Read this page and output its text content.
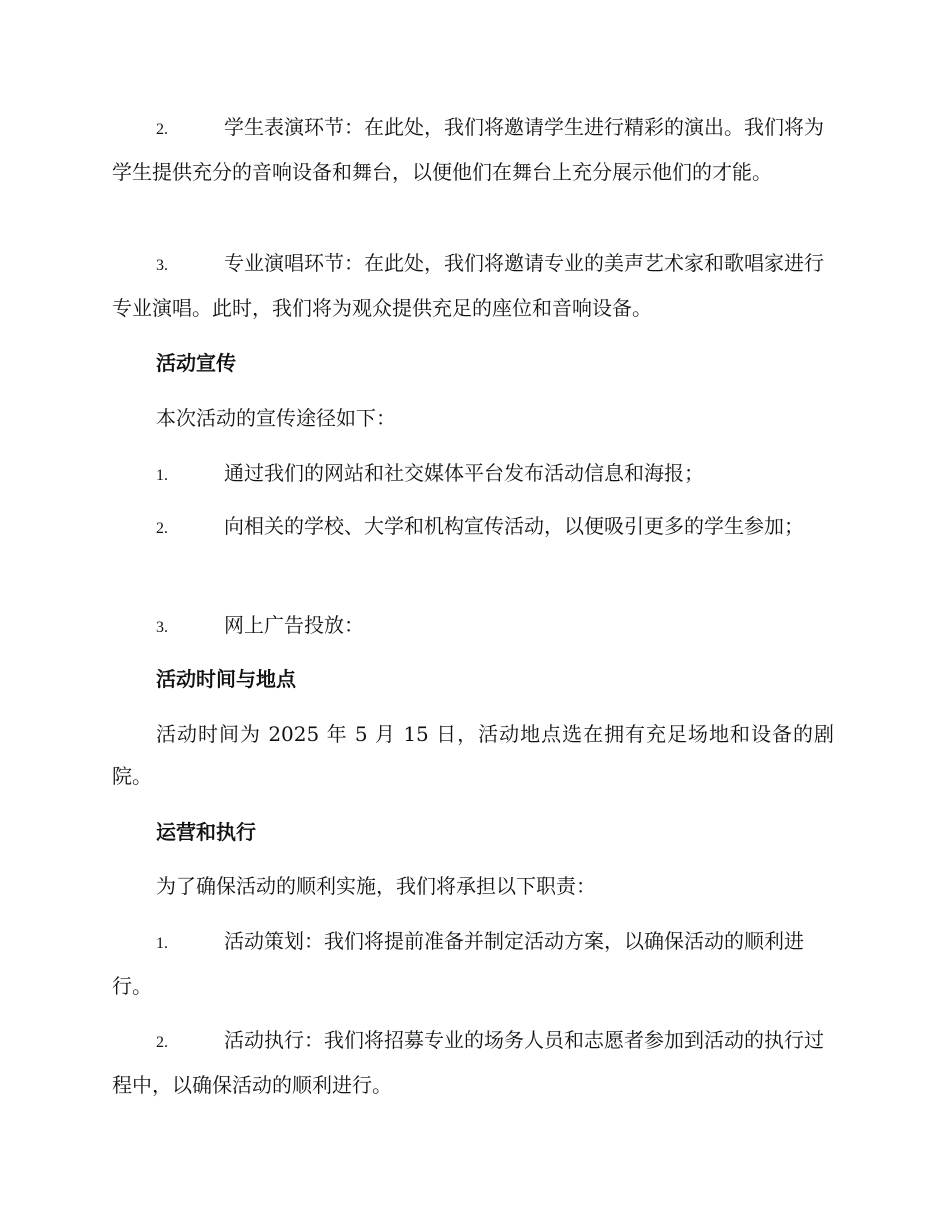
2.	学生表演环节：在此处，我们将邀请学生进行精彩的演出。我们将为学生提供充分的音响设备和舞台，以便他们在舞台上充分展示他们的才能。

3.	专业演唱环节：在此处，我们将邀请专业的美声艺术家和歌唱家进行专业演唱。此时，我们将为观众提供充足的座位和音响设备。

活动宣传

本次活动的宣传途径如下：

1.	通过我们的网站和社交媒体平台发布活动信息和海报；

2.	向相关的学校、大学和机构宣传活动，以便吸引更多的学生参加；

3.	网上广告投放：

活动时间与地点

活动时间为 2025 年 5 月 15 日，活动地点选在拥有充足场地和设备的剧院。

运营和执行

为了确保活动的顺利实施，我们将承担以下职责：

1.	活动策划：我们将提前准备并制定活动方案，以确保活动的顺利进行。

2.	活动执行：我们将招募专业的场务人员和志愿者参加到活动的执行过程中，以确保活动的顺利进行。
